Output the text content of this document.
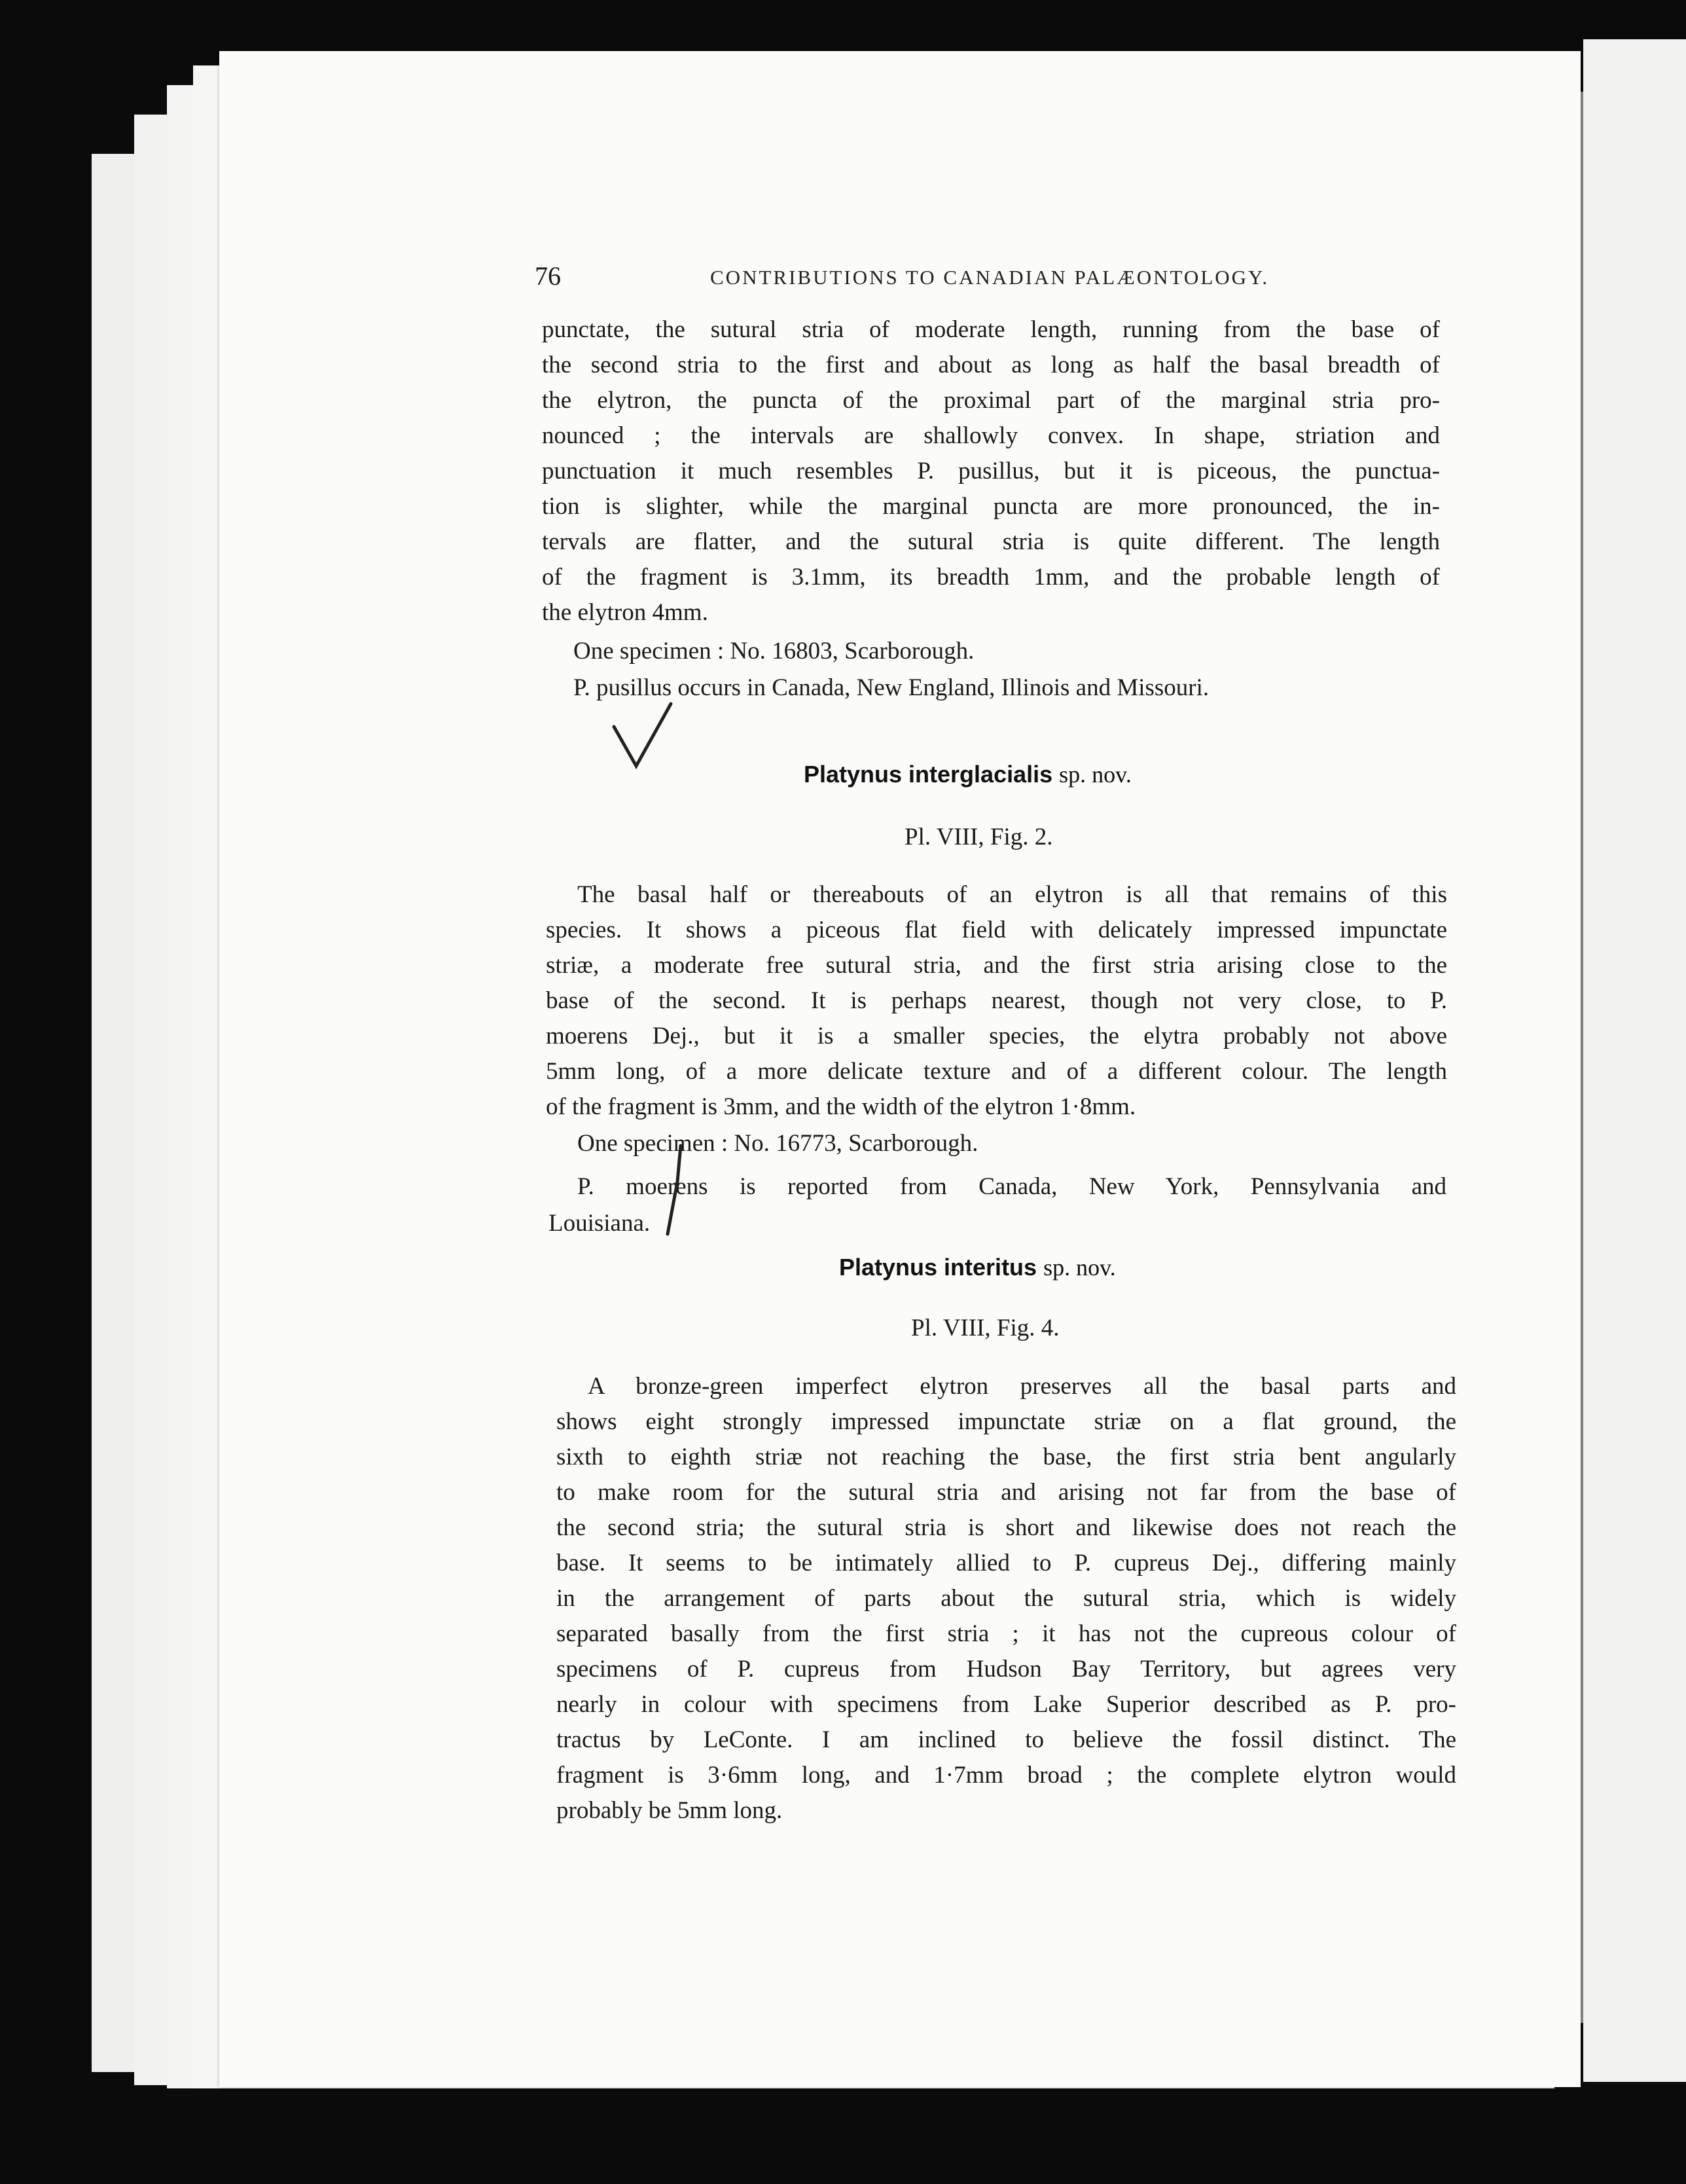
76	CONTRIBUTIONS TO CANADIAN PALÆONTOLOGY.
punctate, the sutural stria of moderate length, running from the base of
the second stria to the first and about as long as half the basal breadth of
the elytron, the puncta of the proximal part of the marginal stria pro-
nounced ; the intervals are shallowly convex. In shape, striation and
punctuation it much resembles P. pusillus, but it is piceous, the punctua-
tion is slighter, while the marginal puncta are more pronounced, the in-
tervals are flatter, and the sutural stria is quite different. The length
of the fragment is 3.1mm, its breadth 1mm, and the probable length of
the elytron 4mm.
One specimen : No. 16803, Scarborough.
P. pusillus occurs in Canada, New England, Illinois and Missouri.
Platynus interglacialis sp. nov.
Pl. VIII, Fig. 2.
The basal half or thereabouts of an elytron is all that remains of this
species. It shows a piceous flat field with delicately impressed impunctate
striæ, a moderate free sutural stria, and the first stria arising close to the
base of the second. It is perhaps nearest, though not very close, to P.
moerens Dej., but it is a smaller species, the elytra probably not above
5mm long, of a more delicate texture and of a different colour. The length
of the fragment is 3mm, and the width of the elytron 1·8mm.
One specimen : No. 16773, Scarborough.
P. moerens is reported from Canada, New York, Pennsylvania and
Louisiana.
Platynus interitus sp. nov.
Pl. VIII, Fig. 4.
A bronze-green imperfect elytron preserves all the basal parts and
shows eight strongly impressed impunctate striæ on a flat ground, the
sixth to eighth striæ not reaching the base, the first stria bent angularly
to make room for the sutural stria and arising not far from the base of
the second stria; the sutural stria is short and likewise does not reach the
base. It seems to be intimately allied to P. cupreus Dej., differing mainly
in the arrangement of parts about the sutural stria, which is widely
separated basally from the first stria ; it has not the cupreous colour of
specimens of P. cupreus from Hudson Bay Territory, but agrees very
nearly in colour with specimens from Lake Superior described as P. pro-
tractus by LeConte. I am inclined to believe the fossil distinct. The
fragment is 3·6mm long, and 1·7mm broad ; the complete elytron would
probably be 5mm long.
